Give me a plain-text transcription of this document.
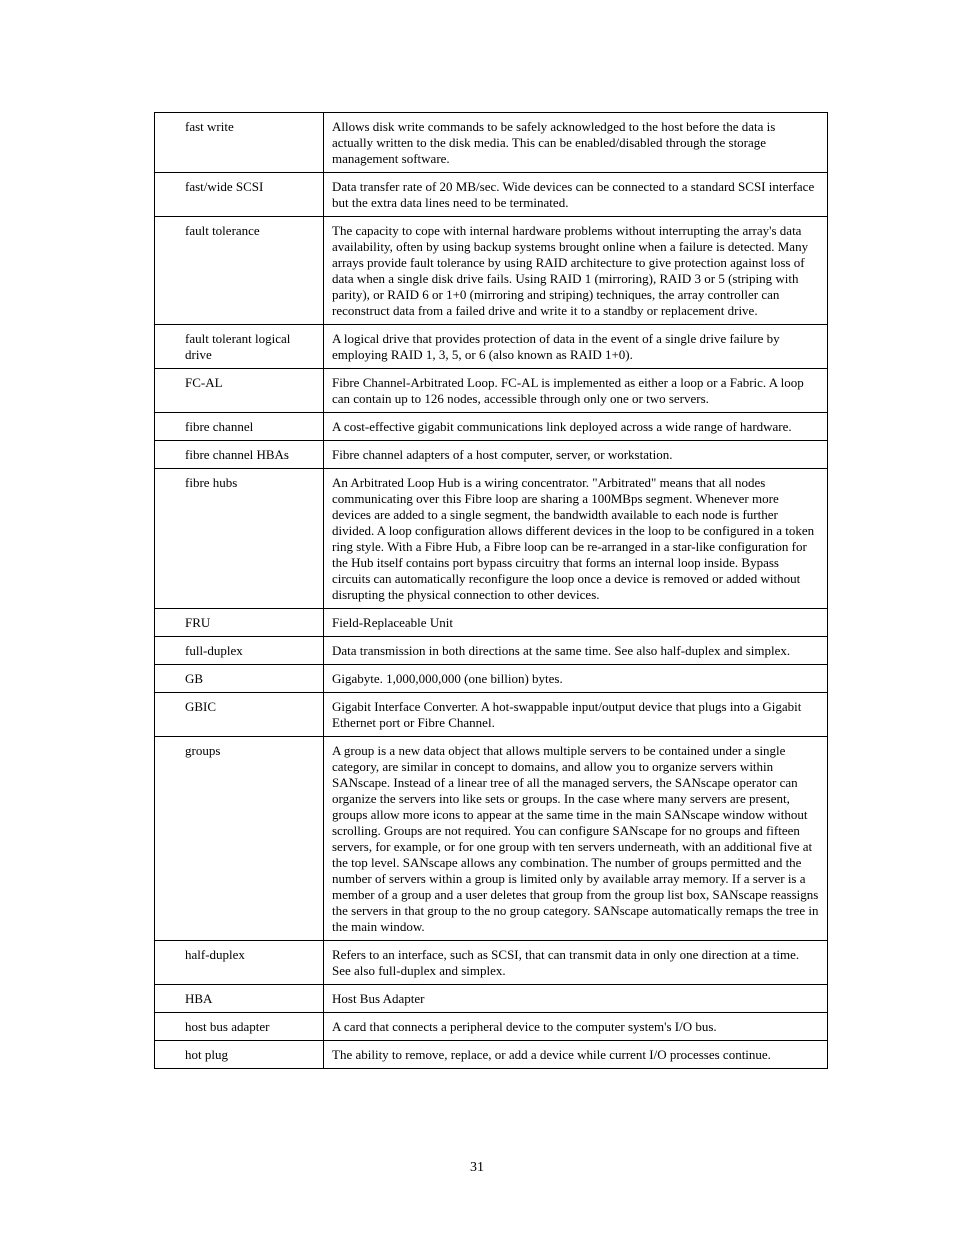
fast write	Allows disk write commands to be safely acknowledged to the host before the data is actually written to the disk media. This can be enabled/disabled through the storage management software.
fast/wide SCSI	Data transfer rate of 20 MB/sec. Wide devices can be connected to a standard SCSI interface but the extra data lines need to be terminated.
fault tolerance	The capacity to cope with internal hardware problems without interrupting the array's data availability, often by using backup systems brought online when a failure is detected. Many arrays provide fault tolerance by using RAID architecture to give protection against loss of data when a single disk drive fails. Using RAID 1 (mirroring), RAID 3 or 5 (striping with parity), or RAID 6 or 1+0 (mirroring and striping) techniques, the array controller can reconstruct data from a failed drive and write it to a standby or replacement drive.
fault tolerant logical drive	A logical drive that provides protection of data in the event of a single drive failure by employing RAID 1, 3, 5, or 6 (also known as RAID 1+0).
FC-AL	Fibre Channel-Arbitrated Loop. FC-AL is implemented as either a loop or a Fabric. A loop can contain up to 126 nodes, accessible through only one or two servers.
fibre channel	A cost-effective gigabit communications link deployed across a wide range of hardware.
fibre channel HBAs	Fibre channel adapters of a host computer, server, or workstation.
fibre hubs	An Arbitrated Loop Hub is a wiring concentrator. "Arbitrated" means that all nodes communicating over this Fibre loop are sharing a 100MBps segment. Whenever more devices are added to a single segment, the bandwidth available to each node is further divided. A loop configuration allows different devices in the loop to be configured in a token ring style. With a Fibre Hub, a Fibre loop can be re-arranged in a star-like configuration for the Hub itself contains port bypass circuitry that forms an internal loop inside. Bypass circuits can automatically reconfigure the loop once a device is removed or added without disrupting the physical connection to other devices.
FRU	Field-Replaceable Unit
full-duplex	Data transmission in both directions at the same time. See also half-duplex and simplex.
GB	Gigabyte. 1,000,000,000 (one billion) bytes.
GBIC	Gigabit Interface Converter. A hot-swappable input/output device that plugs into a Gigabit Ethernet port or Fibre Channel.
groups	A group is a new data object that allows multiple servers to be contained under a single category, are similar in concept to domains, and allow you to organize servers within SANscape. Instead of a linear tree of all the managed servers, the SANscape operator can organize the servers into like sets or groups. In the case where many servers are present, groups allow more icons to appear at the same time in the main SANscape window without scrolling. Groups are not required. You can configure SANscape for no groups and fifteen servers, for example, or for one group with ten servers underneath, with an additional five at the top level. SANscape allows any combination. The number of groups permitted and the number of servers within a group is limited only by available array memory. If a server is a member of a group and a user deletes that group from the group list box, SANscape reassigns the servers in that group to the no group category. SANscape automatically remaps the tree in the main window.
half-duplex	Refers to an interface, such as SCSI, that can transmit data in only one direction at a time. See also full-duplex and simplex.
HBA	Host Bus Adapter
host bus adapter	A card that connects a peripheral device to the computer system's I/O bus.
hot plug	The ability to remove, replace, or add a device while current I/O processes continue.
31
